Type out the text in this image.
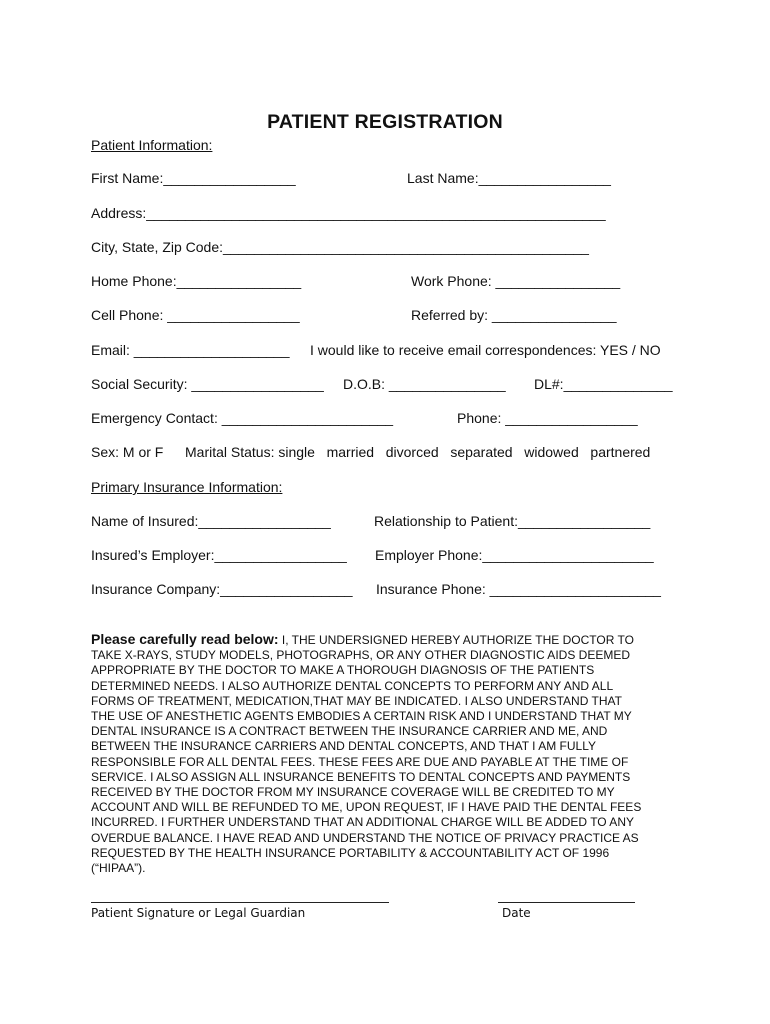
PATIENT REGISTRATION
Patient Information:
First Name:_________________	Last Name:_________________
Address:___________________________________________________________
City, State, Zip Code:_______________________________________________
Home Phone:________________	Work Phone: ________________
Cell Phone: _________________	Referred by: ________________
Email: ____________________ I would like to receive email correspondences: YES / NO
Social Security: _________________ D.O.B: _______________ DL#:______________
Emergency Contact: ______________________	Phone: _________________
Sex: M or F Marital Status: single   married   divorced   separated   widowed   partnered
Primary Insurance Information:
Name of Insured:_________________	Relationship to Patient:_________________
Insured’s Employer:_________________ Employer Phone:______________________
Insurance Company:_________________ Insurance Phone: ______________________
Please carefully read below: I, THE UNDERSIGNED HEREBY AUTHORIZE THE DOCTOR TO
TAKE X-RAYS, STUDY MODELS, PHOTOGRAPHS, OR ANY OTHER DIAGNOSTIC AIDS DEEMED
APPROPRIATE BY THE DOCTOR TO MAKE A THOROUGH DIAGNOSIS OF THE PATIENTS
DETERMINED NEEDS. I ALSO AUTHORIZE DENTAL CONCEPTS TO PERFORM ANY AND ALL
FORMS OF TREATMENT, MEDICATION,THAT MAY BE INDICATED. I ALSO UNDERSTAND THAT
THE USE OF ANESTHETIC AGENTS EMBODIES A CERTAIN RISK AND I UNDERSTAND THAT MY
DENTAL INSURANCE IS A CONTRACT BETWEEN THE INSURANCE CARRIER AND ME, AND
BETWEEN THE INSURANCE CARRIERS AND DENTAL CONCEPTS, AND THAT I AM FULLY
RESPONSIBLE FOR ALL DENTAL FEES. THESE FEES ARE DUE AND PAYABLE AT THE TIME OF
SERVICE. I ALSO ASSIGN ALL INSURANCE BENEFITS TO DENTAL CONCEPTS AND PAYMENTS
RECEIVED BY THE DOCTOR FROM MY INSURANCE COVERAGE WILL BE CREDITED TO MY
ACCOUNT AND WILL BE REFUNDED TO ME, UPON REQUEST, IF I HAVE PAID THE DENTAL FEES
INCURRED. I FURTHER UNDERSTAND THAT AN ADDITIONAL CHARGE WILL BE ADDED TO ANY
OVERDUE BALANCE. I HAVE READ AND UNDERSTAND THE NOTICE OF PRIVACY PRACTICE AS
REQUESTED BY THE HEALTH INSURANCE PORTABILITY & ACCOUNTABILITY ACT OF 1996
(“HIPAA”).
Patient Signature or Legal Guardian	Date
